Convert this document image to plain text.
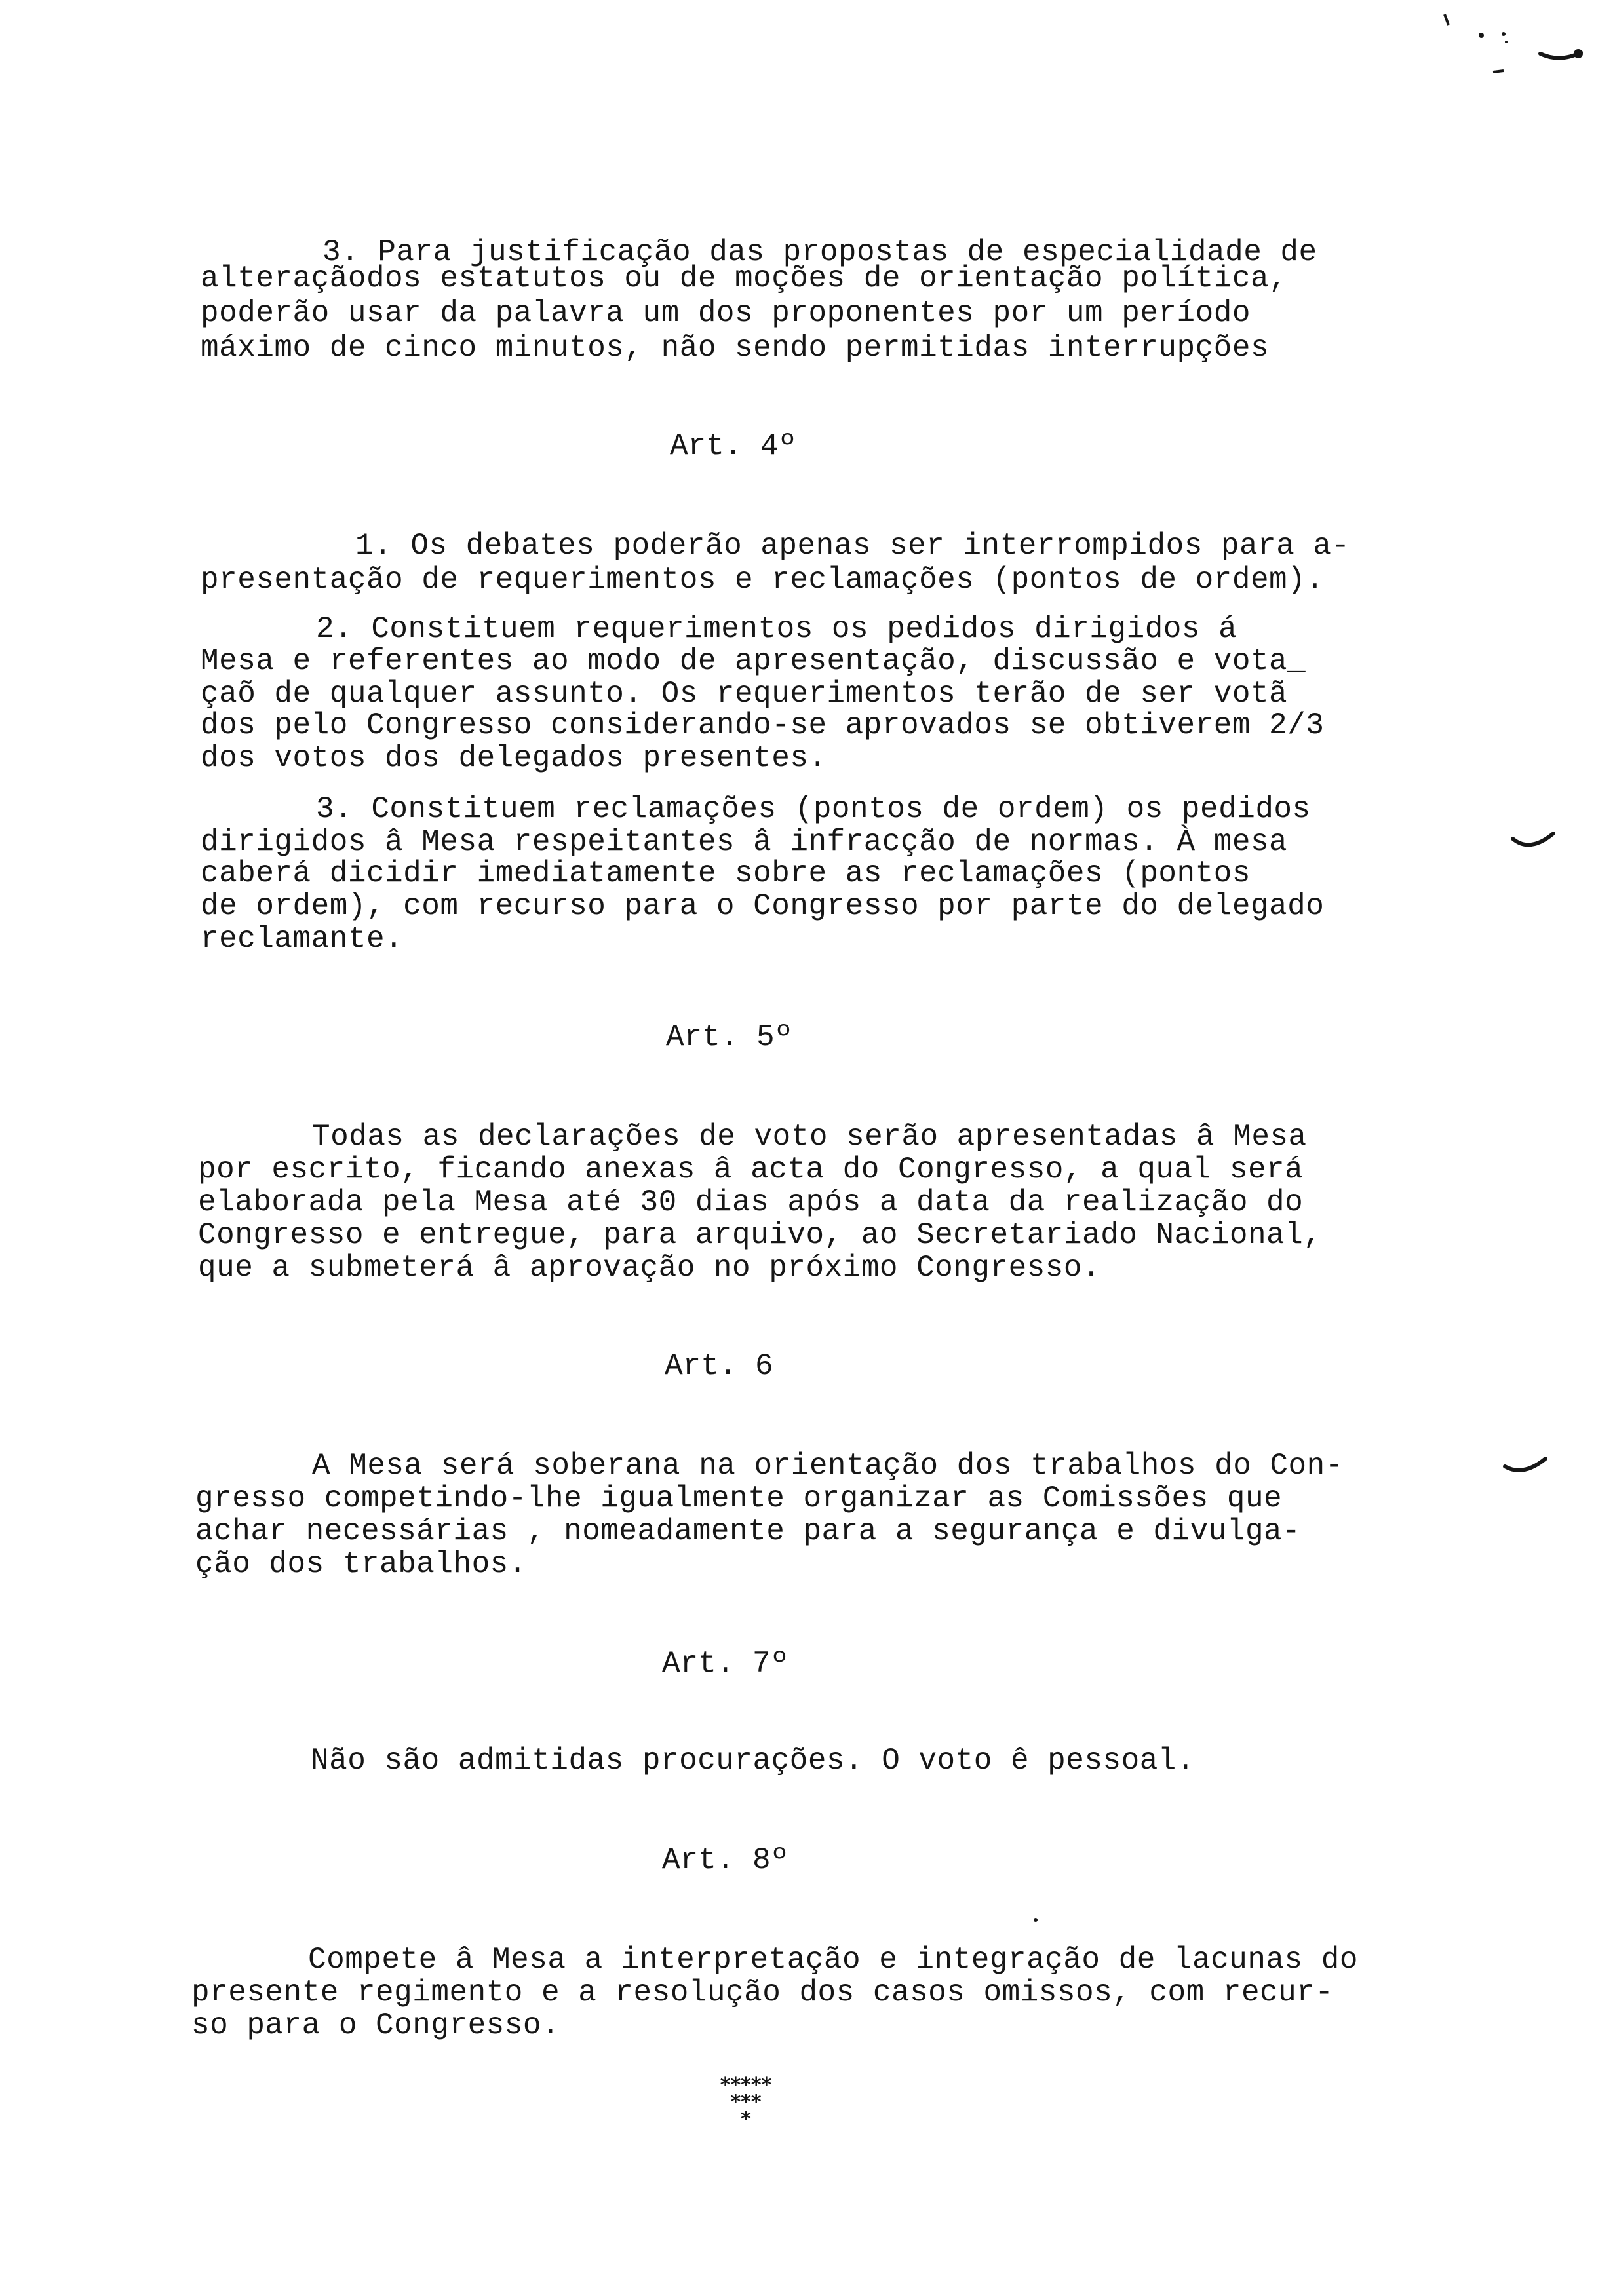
3. Para justificação das propostas de especialidade de
alteraçãodos estatutos ou de moções de orientação política,
poderão usar da palavra um dos proponentes por um período
máximo de cinco minutos, não sendo permitidas interrupções
Art. 4º
1. Os debates poderão apenas ser interrompidos para a-
presentação de requerimentos e reclamações (pontos de ordem).
2. Constituem requerimentos os pedidos dirigidos á
Mesa e referentes ao modo de apresentação, discussão e vota_
çaõ de qualquer assunto. Os requerimentos terão de ser votã
dos pelo Congresso considerando-se aprovados se obtiverem 2/3
dos votos dos delegados presentes.
3. Constituem reclamações (pontos de ordem) os pedidos
dirigidos â Mesa respeitantes â infracção de normas. À mesa
caberá dicidir imediatamente sobre as reclamações (pontos
de ordem), com recurso para o Congresso por parte do delegado
reclamante.
Art. 5º
Todas as declarações de voto serão apresentadas â Mesa
por escrito, ficando anexas â acta do Congresso, a qual será
elaborada pela Mesa até 30 dias após a data da realização do
Congresso e entregue, para arquivo, ao Secretariado Nacional,
que a submeterá â aprovação no próximo Congresso.
Art. 6
A Mesa será soberana na orientação dos trabalhos do Con-
gresso competindo-lhe igualmente organizar as Comissões que
achar necessárias , nomeadamente para a segurança e divulga-
ção dos trabalhos.
Art. 7º
Não são admitidas procurações. O voto ê pessoal.
Art. 8º
Compete â Mesa a interpretação e integração de lacunas do
presente regimento e a resolução dos casos omissos, com recur-
so para o Congresso.
*****
***
*
